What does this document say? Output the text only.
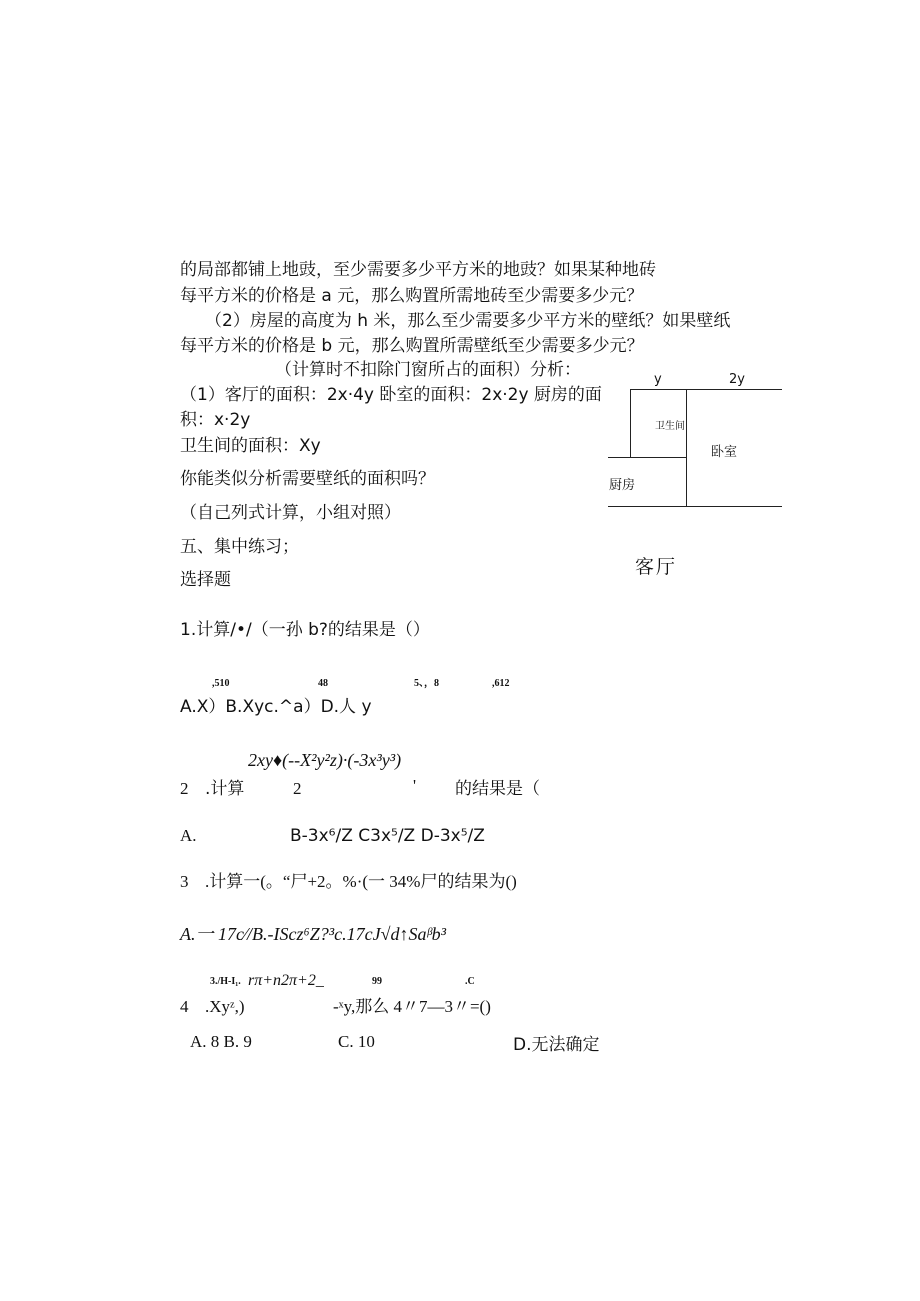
的局部都铺上地豉，至少需要多少平方米的地豉？如果某种地砖
每平方米的价格是 a 元，那么购置所需地砖至少需要多少元？
（2）房屋的高度为 h 米，那么至少需要多少平方米的壁纸？如果壁纸
每平方米的价格是 b 元，那么购置所需壁纸至少需要多少元？
（计算时不扣除门窗所占的面积）分析：
（1）客厅的面积：2x·4y 卧室的面积：2x·2y 厨房的面
积：x·2y
卫生间的面积：Xy
你能类似分析需要壁纸的面积吗？
（自己列式计算，小组对照）
五、集中练习；
选择题
y	2y
卫生间
卧室
厨房
客厅
1.计算/•/（一孙 b?的结果是（）
,510	48	5、，8	,612
A.X）B.Xyc.^a）D.人 y
2xy♦(--X²y²z)·(-3x³y³)
2 .计算	2	' 的结果是（
A.	B-3x⁶/Z C3x⁵/Z D-3x⁵/Z
3 .计算一(。“尸+2。%·(一 34%尸的结果为()
A.一 17c⁄/B.-IScz⁶Z?³c.17cJ√d↑Saᵝb³
3./H-I₁. rπ+n2π+2_	99	.C
4 .Xyᶻ,)	-ˣy,那么 4〃7—3〃=()
A. 8 B. 9	C. 10	D.无法确定
